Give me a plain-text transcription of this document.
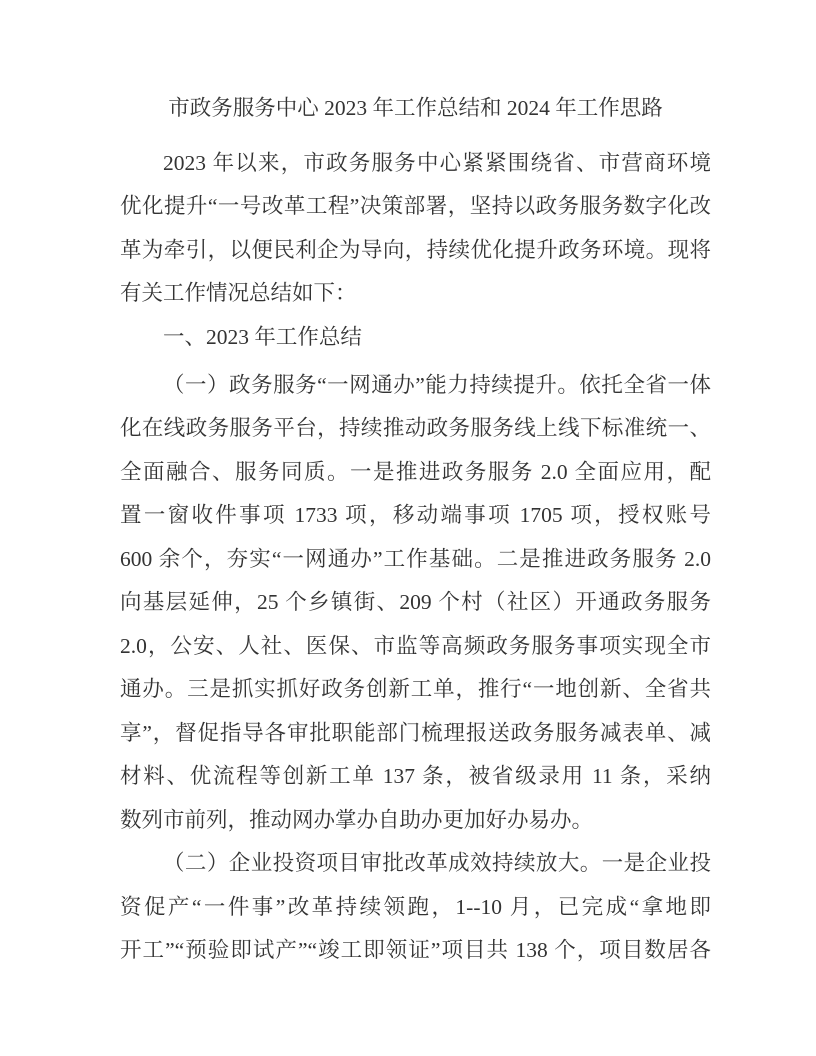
市政务服务中心 2023 年工作总结和 2024 年工作思路
2023 年以来，市政务服务中心紧紧围绕省、市营商环境
优化提升“一号改革工程”决策部署，坚持以政务服务数字化改
革为牵引，以便民利企为导向，持续优化提升政务环境。现将
有关工作情况总结如下：
一、2023 年工作总结
（一）政务服务“一网通办”能力持续提升。依托全省一体
化在线政务服务平台，持续推动政务服务线上线下标准统一、
全面融合、服务同质。一是推进政务服务 2.0 全面应用，配
置一窗收件事项 1733 项，移动端事项 1705 项，授权账号
600 余个，夯实“一网通办”工作基础。二是推进政务服务 2.0
向基层延伸，25 个乡镇街、209 个村（社区）开通政务服务
2.0，公安、人社、医保、市监等高频政务服务事项实现全市
通办。三是抓实抓好政务创新工单，推行“一地创新、全省共
享”，督促指导各审批职能部门梳理报送政务服务减表单、减
材料、优流程等创新工单 137 条，被省级录用 11 条，采纳
数列市前列，推动网办掌办自助办更加好办易办。
（二）企业投资项目审批改革成效持续放大。一是企业投
资促产“一件事”改革持续领跑，1--10 月，已完成“拿地即
开工”“预验即试产”“竣工即领证”项目共 138 个，项目数居各
